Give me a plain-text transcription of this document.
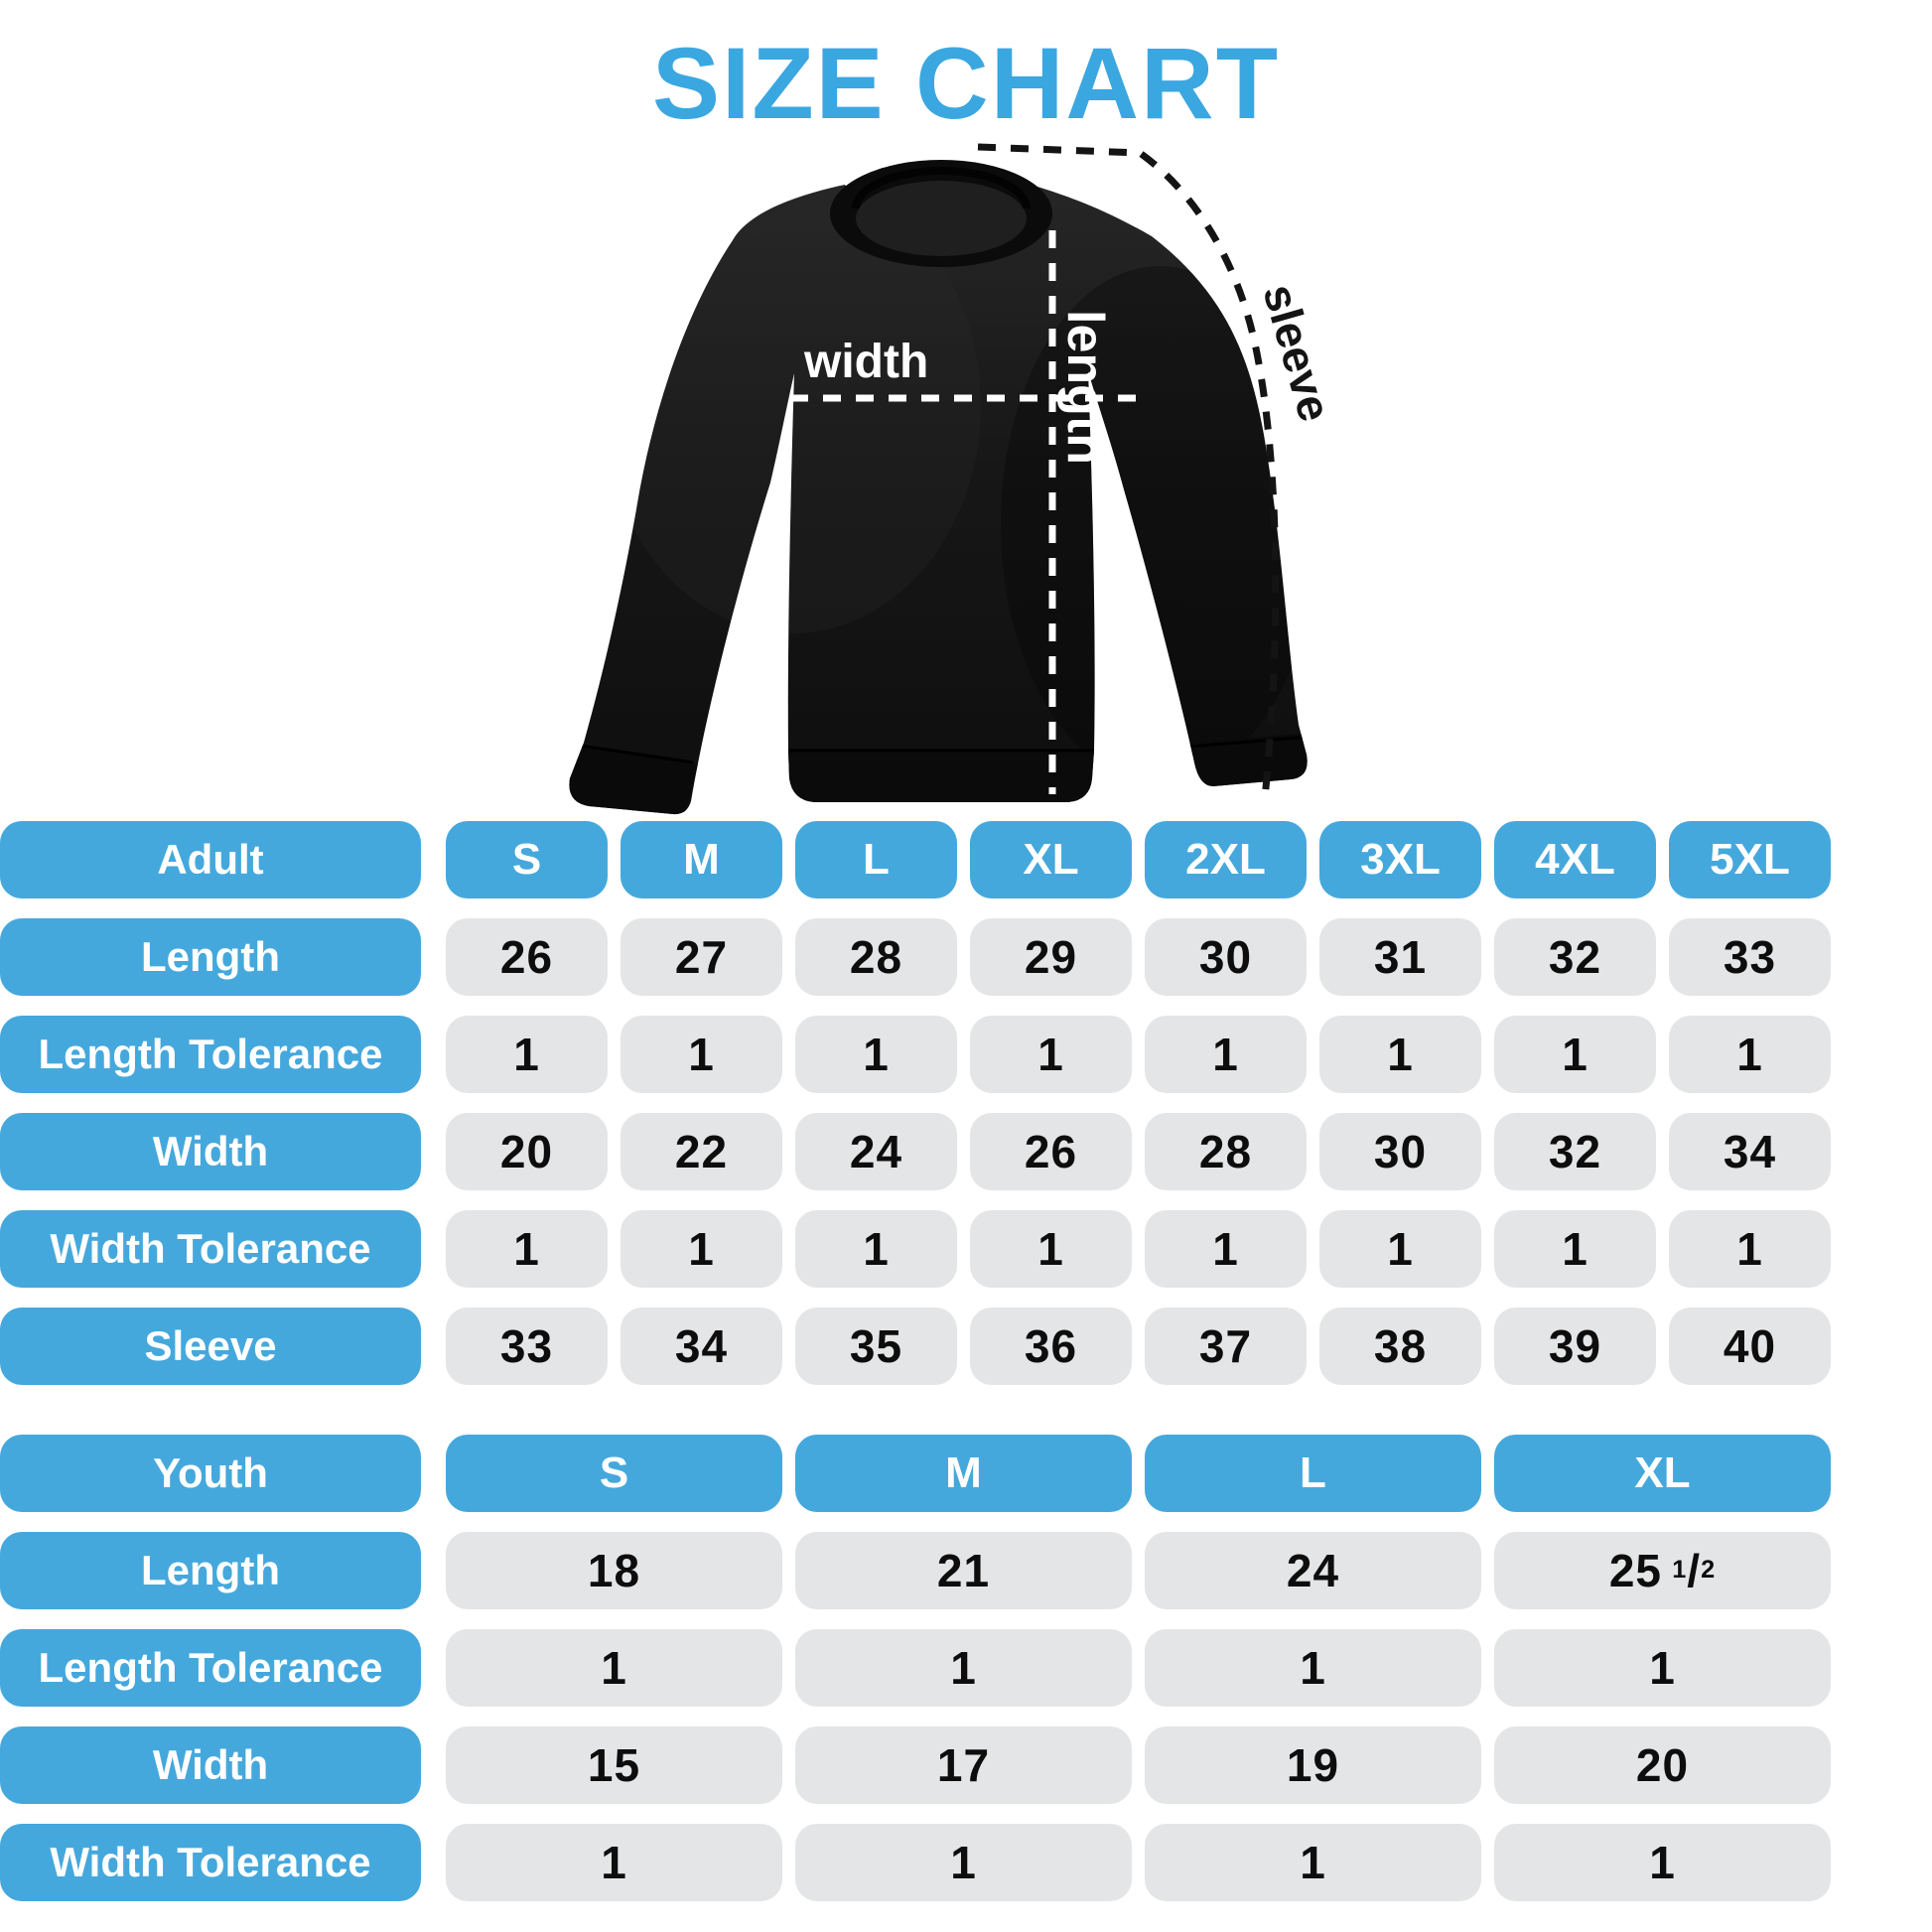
SIZE CHART
length
width	sleeve
Adult	S	M	L	XL	2XL	3XL	4XL	5XL
Length	26	27	28	29	30	31	32	33
Length Tolerance	1	1	1	1	1	1	1	1
Width	20	22	24	26	28	30	32	34
Width Tolerance	1	1	1	1	1	1	1	1
Sleeve	33	34	35	36	37	38	39	40
Youth	S	M	L	XL
Length	18	21	24	25  1 / 2
Length Tolerance	1	1	1	1
Width	15	17	19	20
Width Tolerance	1	1	1	1
